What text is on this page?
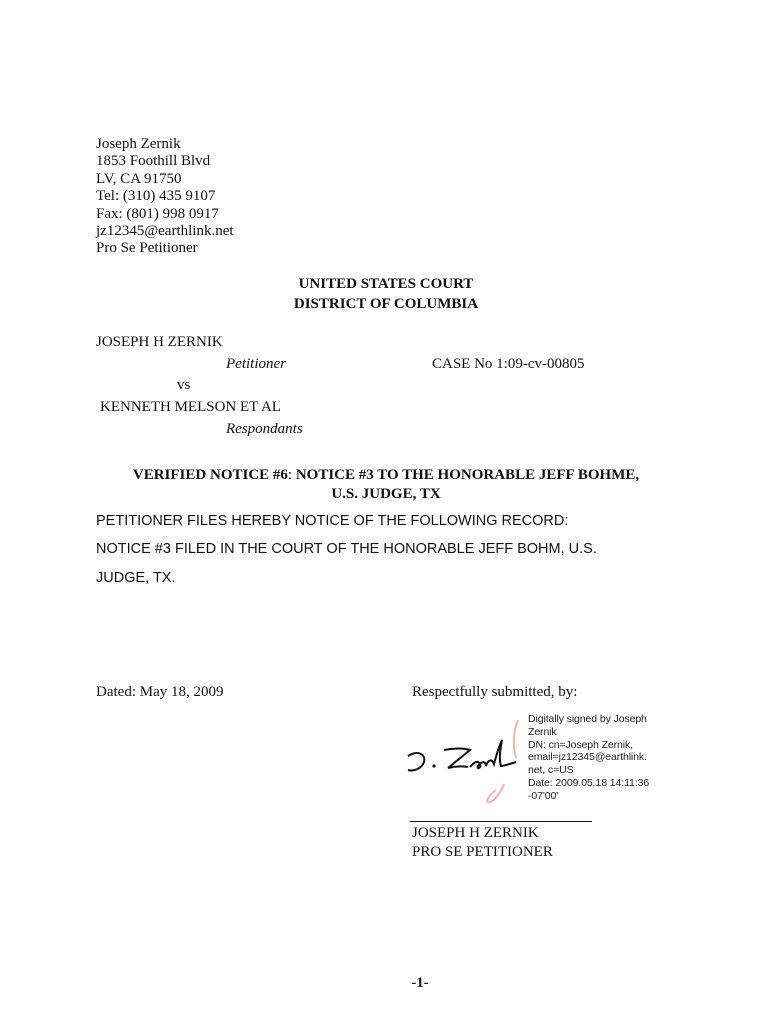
Joseph Zernik
1853 Foothill Blvd
LV, CA 91750
Tel: (310) 435 9107
Fax: (801) 998 0917
jz12345@earthlink.net
Pro Se Petitioner
UNITED STATES COURT
DISTRICT OF COLUMBIA
JOSEPH H ZERNIK
Petitioner	CASE No 1:09-cv-00805
vs
KENNETH MELSON ET AL
Respondants
VERIFIED NOTICE #6: NOTICE #3 TO THE HONORABLE JEFF BOHME,
U.S. JUDGE, TX
PETITIONER FILES HEREBY NOTICE OF THE FOLLOWING RECORD:
NOTICE #3 FILED IN THE COURT OF THE HONORABLE JEFF BOHM, U.S.
JUDGE, TX.
Dated: May 18, 2009	Respectfully submitted, by:
Digitally signed by Joseph
Zernik
DN: cn=Joseph Zernik,
email=jz12345@earthlink.
net, c=US
Date: 2009.05.18 14:11:36
-07'00'
JOSEPH H ZERNIK
PRO SE PETITIONER
-1-
